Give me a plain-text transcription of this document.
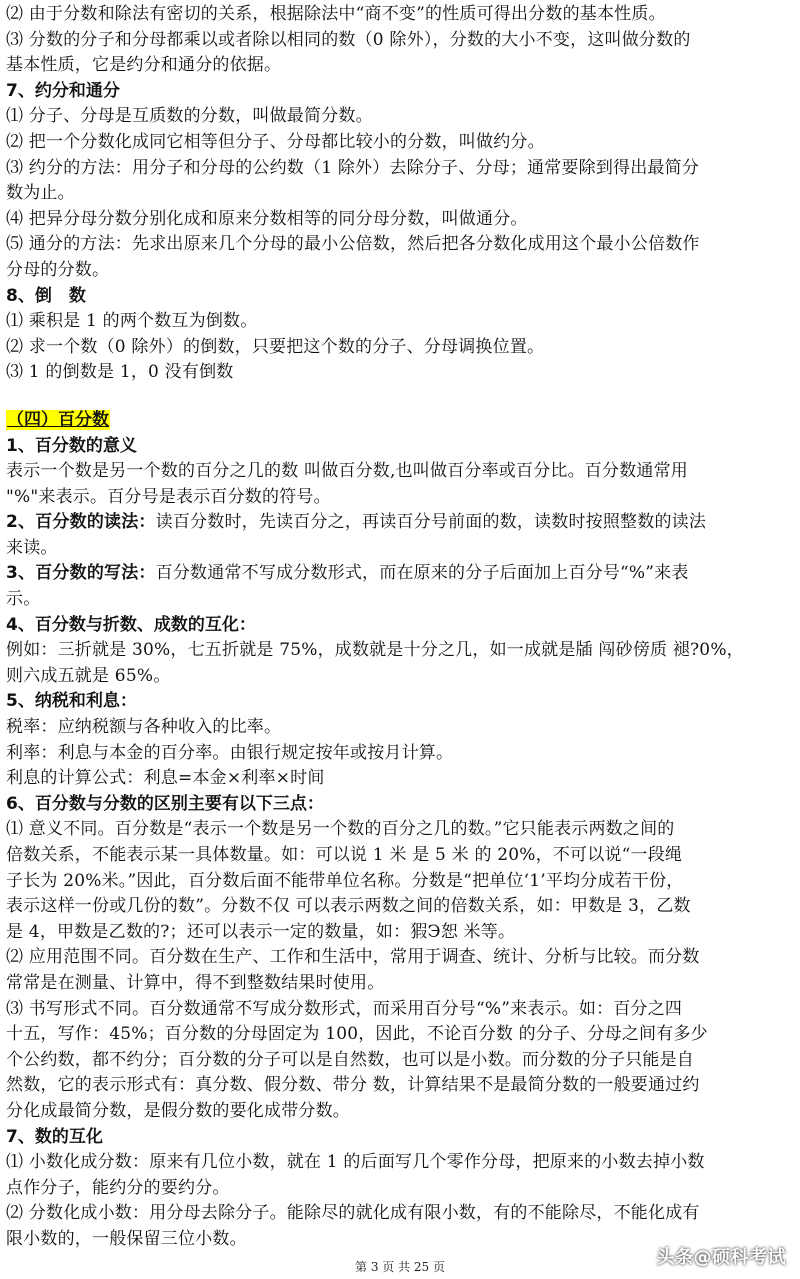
⑵ 由于分数和除法有密切的关系，根据除法中“商不变”的性质可得出分数的基本性质。
⑶ 分数的分子和分母都乘以或者除以相同的数（0 除外），分数的大小不变，这叫做分数的
基本性质，它是约分和通分的依据。
7、约分和通分
⑴ 分子、分母是互质数的分数，叫做最简分数。
⑵ 把一个分数化成同它相等但分子、分母都比较小的分数，叫做约分。
⑶ 约分的方法：用分子和分母的公约数（1 除外）去除分子、分母；通常要除到得出最简分
数为止。
⑷ 把异分母分数分别化成和原来分数相等的同分母分数，叫做通分。
⑸ 通分的方法：先求出原来几个分母的最小公倍数，然后把各分数化成用这个最小公倍数作
分母的分数。
8、倒　数
⑴ 乘积是 1 的两个数互为倒数。
⑵ 求一个数（0 除外）的倒数，只要把这个数的分子、分母调换位置。
⑶ 1 的倒数是 1，0 没有倒数
（四）百分数
1、百分数的意义
表示一个数是另一个数的百分之几的数 叫做百分数,也叫做百分率或百分比。百分数通常用
"%"来表示。百分号是表示百分数的符号。
2、百分数的读法：读百分数时，先读百分之，再读百分号前面的数，读数时按照整数的读法
来读。
3、百分数的写法：百分数通常不写成分数形式，而在原来的分子后面加上百分号“%”来表
示。
4、百分数与折数、成数的互化：
例如：三折就是 30%，七五折就是 75%，成数就是十分之几，如一成就是牐 闯砂傍质 褪?0%，
则六成五就是 65%。
5、纳税和利息：
税率：应纳税额与各种收入的比率。
利率：利息与本金的百分率。由银行规定按年或按月计算。
利息的计算公式：利息=本金×利率×时间
6、百分数与分数的区别主要有以下三点：
⑴ 意义不同。百分数是“表示一个数是另一个数的百分之几的数。”它只能表示两数之间的
倍数关系，不能表示某一具体数量。如：可以说 1 米 是 5 米 的 20%，不可以说“一段绳
子长为 20%米。”因此，百分数后面不能带单位名称。分数是“把单位‘1’平均分成若干份，
表示这样一份或几份的数”。分数不仅 可以表示两数之间的倍数关系，如：甲数是 3，乙数
是 4，甲数是乙数的?；还可以表示一定的数量，如：猳Э恕 米等。
⑵ 应用范围不同。百分数在生产、工作和生活中，常用于调查、统计、分析与比较。而分数
常常是在测量、计算中，得不到整数结果时使用。
⑶ 书写形式不同。百分数通常不写成分数形式，而采用百分号“%”来表示。如：百分之四
十五，写作：45%；百分数的分母固定为 100，因此，不论百分数 的分子、分母之间有多少
个公约数，都不约分；百分数的分子可以是自然数，也可以是小数。而分数的分子只能是自
然数，它的表示形式有：真分数、假分数、带分 数，计算结果不是最简分数的一般要通过约
分化成最简分数，是假分数的要化成带分数。
7、数的互化
⑴ 小数化成分数：原来有几位小数，就在 1 的后面写几个零作分母，把原来的小数去掉小数
点作分子，能约分的要约分。
⑵ 分数化成小数：用分母去除分子。能除尽的就化成有限小数，有的不能除尽，不能化成有
限小数的，一般保留三位小数。
第 3 页 共 25 页	头条@硕科考试
